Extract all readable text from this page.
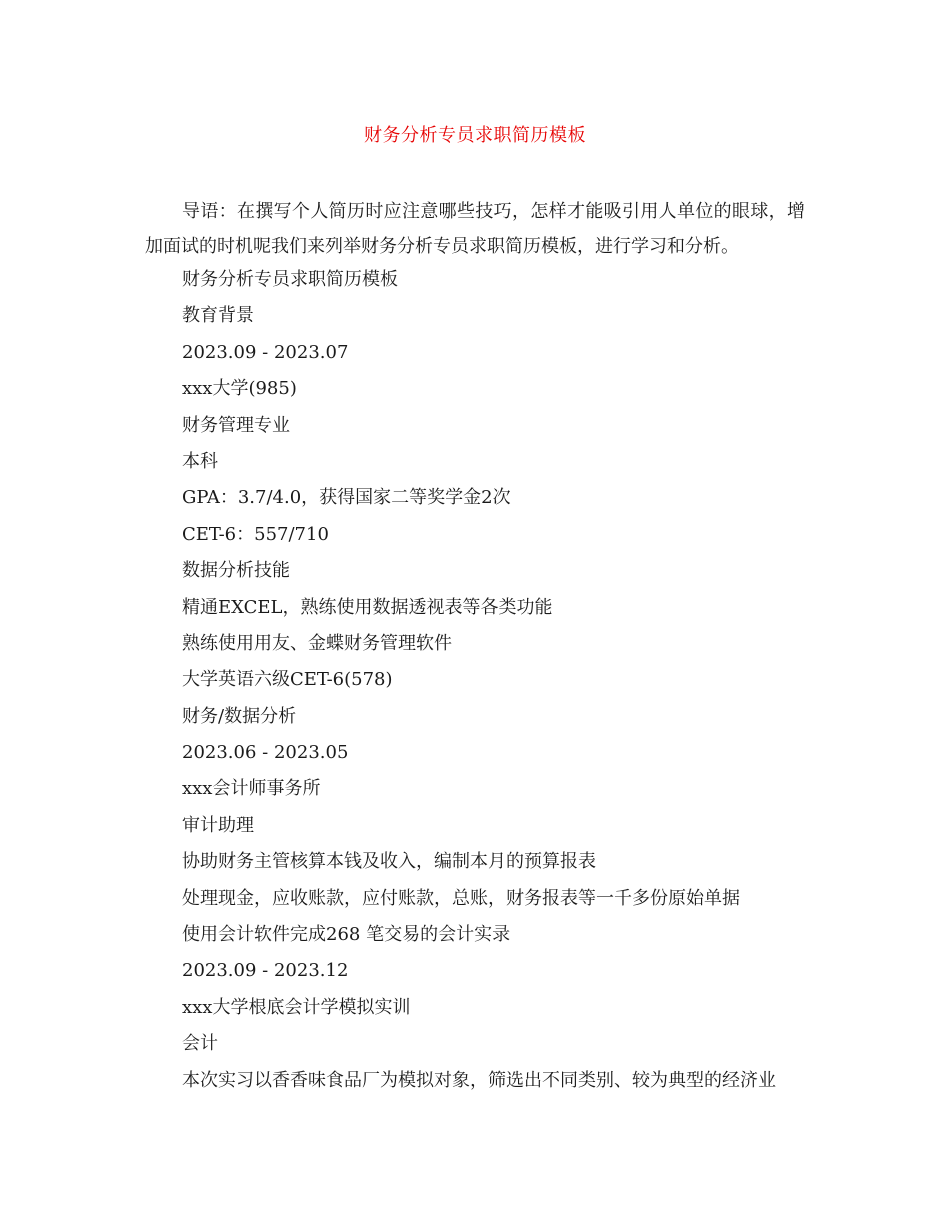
财务分析专员求职简历模板
导语：在撰写个人简历时应注意哪些技巧，怎样才能吸引用人单位的眼球，增加面试的时机呢我们来列举财务分析专员求职简历模板，进行学习和分析。
财务分析专员求职简历模板
教育背景
2023.09 - 2023.07
xxx大学(985)
财务管理专业
本科
GPA：3.7/4.0，获得国家二等奖学金2次
CET-6：557/710
数据分析技能
精通EXCEL，熟练使用数据透视表等各类功能
熟练使用用友、金蝶财务管理软件
大学英语六级CET-6(578)
财务/数据分析
2023.06 - 2023.05
xxx会计师事务所
审计助理
协助财务主管核算本钱及收入，编制本月的预算报表
处理现金，应收账款，应付账款，总账，财务报表等一千多份原始单据
使用会计软件完成268 笔交易的会计实录
2023.09 - 2023.12
xxx大学根底会计学模拟实训
会计
本次实习以香香味食品厂为模拟对象，筛选出不同类别、较为典型的经济业
